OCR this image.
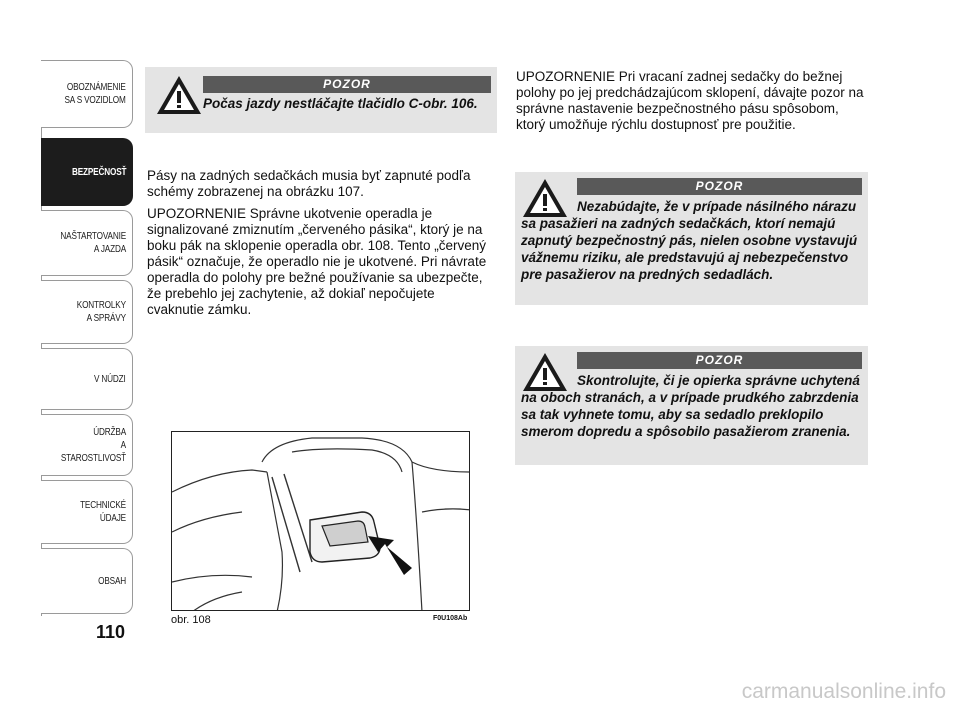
OBOZNÁMENIE
SA S VOZIDLOM
BEZPEČNOSŤ
NAŠTARTOVANIE
A JAZDA
KONTROLKY
A SPRÁVY
V NÚDZI
ÚDRŽBA
A STAROSTLIVOSŤ
TECHNICKÉ
ÚDAJE
OBSAH
110
POZOR
Počas jazdy nestláčajte tlačidlo C-obr. 106.

Pásy na zadných sedačkách musia byť zapnuté podľa schémy zobrazenej na obrázku 107.

UPOZORNENIE Správne ukotvenie operadla je signalizované zmiznutím „červeného pásika“, ktorý je na boku pák na sklopenie operadla obr. 108. Tento „červený pásik“ označuje, že operadlo nie je ukotvené. Pri návrate operadla do polohy pre bežné používanie sa ubezpečte, že prebehlo jej zachytenie, až dokiaľ nepočujete cvaknutie zámku.

UPOZORNENIE Pri vracaní zadnej sedačky do bežnej polohy po jej predchádzajúcom sklopení, dávajte pozor na správne nastavenie bezpečnostného pásu spôsobom, ktorý umožňuje rýchlu dostupnosť pre použitie.

POZOR
Nezabúdajte, že v prípade násilného nárazu sa pasažieri na zadných sedačkách, ktorí nemajú zapnutý bezpečnostný pás, nielen osobne vystavujú vážnemu riziku, ale predstavujú aj nebezpečenstvo pre pasažierov na predných sedadlách.
POZOR
Skontrolujte, či je opierka správne uchytená na oboch stranách, a v prípade prudkého zabrzdenia sa tak vyhnete tomu, aby sa sedadlo preklopilo smerom dopredu a spôsobilo pasažierom zranenia.
obr. 108	F0U108Ab
carmanualsonline.info
